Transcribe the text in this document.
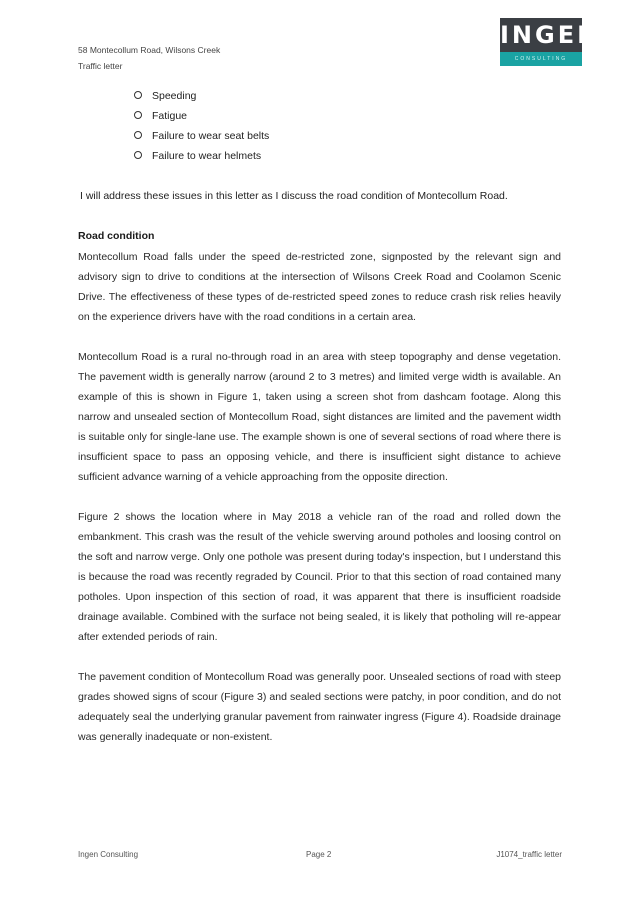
58 Montecollum Road, Wilsons Creek
Traffic letter
INGEN
CONSULTING
Speeding
Fatigue
Failure to wear seat belts
Failure to wear helmets
I will address these issues in this letter as I discuss the road condition of Montecollum Road.
Road condition

Montecollum Road falls under the speed de-restricted zone, signposted by the relevant sign and advisory sign to drive to conditions at the intersection of Wilsons Creek Road and Coolamon Scenic Drive. The effectiveness of these types of de-restricted speed zones to reduce crash risk relies heavily on the experience drivers have with the road conditions in a certain area.

Montecollum Road is a rural no-through road in an area with steep topography and dense vegetation. The pavement width is generally narrow (around 2 to 3 metres) and limited verge width is available. An example of this is shown in Figure 1, taken using a screen shot from dashcam footage. Along this narrow and unsealed section of Montecollum Road, sight distances are limited and the pavement width is suitable only for single-lane use. The example shown is one of several sections of road where there is insufficient space to pass an opposing vehicle, and there is insufficient sight distance to achieve sufficient advance warning of a vehicle approaching from the opposite direction.

Figure 2 shows the location where in May 2018 a vehicle ran of the road and rolled down the embankment. This crash was the result of the vehicle swerving around potholes and loosing control on the soft and narrow verge. Only one pothole was present during today's inspection, but I understand this is because the road was recently regraded by Council. Prior to that this section of road contained many potholes. Upon inspection of this section of road, it was apparent that there is insufficient roadside drainage available. Combined with the surface not being sealed, it is likely that potholing will re-appear after extended periods of rain.

The pavement condition of Montecollum Road was generally poor. Unsealed sections of road with steep grades showed signs of scour (Figure 3) and sealed sections were patchy, in poor condition, and do not adequately seal the underlying granular pavement from rainwater ingress (Figure 4). Roadside drainage was generally inadequate or non-existent.

Ingen Consulting	Page 2	J1074_traffic letter
